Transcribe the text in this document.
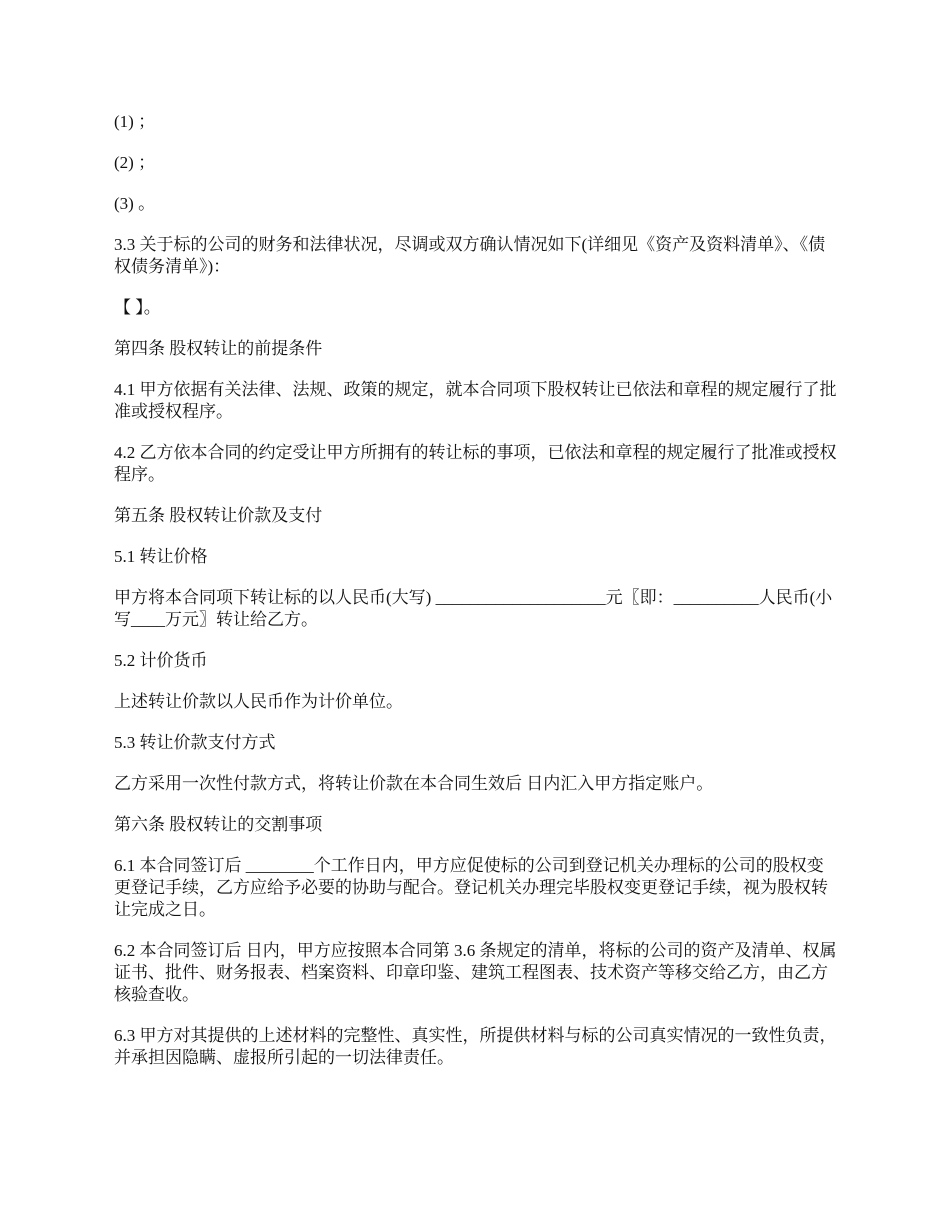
(1) ；

(2) ；

(3) 。

3.3 关于标的公司的财务和法律状况，尽调或双方确认情况如下(详细见《资产及资料清单》、《债权债务清单》)：

【 】。

第四条 股权转让的前提条件

4.1 甲方依据有关法律、法规、政策的规定，就本合同项下股权转让已依法和章程的规定履行了批准或授权程序。

4.2 乙方依本合同的约定受让甲方所拥有的转让标的事项，已依法和章程的规定履行了批准或授权程序。

第五条 股权转让价款及支付

5.1 转让价格

甲方将本合同项下转让标的以人民币(大写) ____________________元〖即：__________人民币(小写____万元〗转让给乙方。

5.2 计价货币

上述转让价款以人民币作为计价单位。

5.3 转让价款支付方式

乙方采用一次性付款方式，将转让价款在本合同生效后 日内汇入甲方指定账户。

第六条 股权转让的交割事项

6.1 本合同签订后 ________个工作日内，甲方应促使标的公司到登记机关办理标的公司的股权变更登记手续，乙方应给予必要的协助与配合。登记机关办理完毕股权变更登记手续，视为股权转让完成之日。

6.2 本合同签订后 日内，甲方应按照本合同第 3.6 条规定的清单，将标的公司的资产及清单、权属证书、批件、财务报表、档案资料、印章印鉴、建筑工程图表、技术资产等移交给乙方，由乙方核验查收。

6.3 甲方对其提供的上述材料的完整性、真实性，所提供材料与标的公司真实情况的一致性负责，并承担因隐瞒、虚报所引起的一切法律责任。
